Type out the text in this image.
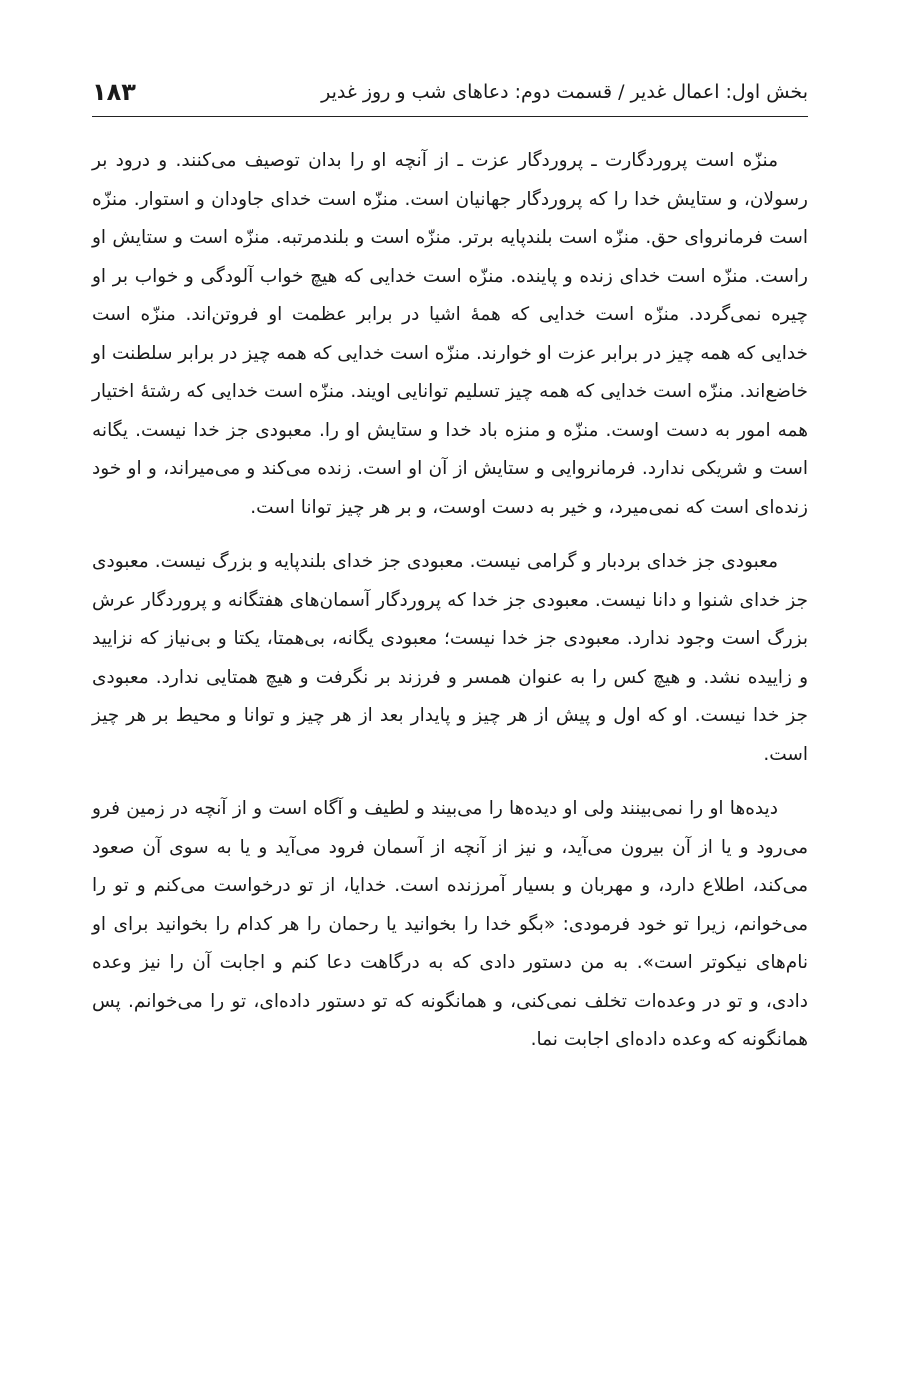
بخش اول: اعمال غدیر / قسمت دوم: دعاهای شب و روز غدیر
۱۸۳

منزّه است پروردگارت ـ پروردگار عزت ـ از آنچه او را بدان توصیف می‌کنند. و درود بر رسولان، و ستایش خدا را که پروردگار جهانیان است. منزّه است خدای جاودان و استوار. منزّه است فرمانروای حق. منزّه است بلندپایه برتر. منزّه است و بلندمرتبه. منزّه است و ستایش او راست. منزّه است خدای زنده و پاینده. منزّه است خدایی که هیچ خواب آلودگی و خواب بر او چیره نمی‌گردد. منزّه است خدایی که همهٔ اشیا در برابر عظمت او فروتن‌اند. منزّه است خدایی که همه چیز در برابر عزت او خوارند. منزّه است خدایی که همه چیز در برابر سلطنت او خاضع‌اند. منزّه است خدایی که همه چیز تسلیم توانایی اویند. منزّه است خدایی که رشتهٔ اختیار همه امور به دست اوست. منزّه و منزه باد خدا و ستایش او را. معبودی جز خدا نیست. یگانه است و شریکی ندارد. فرمانروایی و ستایش از آن او است. زنده می‌کند و می‌میراند، و او خود زنده‌ای است که نمی‌میرد، و خیر به دست اوست، و بر هر چیز توانا است.

معبودی جز خدای بردبار و گرامی نیست. معبودی جز خدای بلندپایه و بزرگ نیست. معبودی جز خدای شنوا و دانا نیست. معبودی جز خدا که پروردگار آسمان‌های هفتگانه و پروردگار عرش بزرگ است وجود ندارد. معبودی جز خدا نیست؛ معبودی یگانه، بی‌همتا، یکتا و بی‌نیاز که نزایید و زاییده نشد. و هیچ کس را به عنوان همسر و فرزند بر نگرفت و هیچ همتایی ندارد. معبودی جز خدا نیست. او که اول و پیش از هر چیز و پایدار بعد از هر چیز و توانا و محیط بر هر چیز است.

دیده‌ها او را نمی‌بینند ولی او دیده‌ها را می‌بیند و لطیف و آگاه است و از آنچه در زمین فرو می‌رود و یا از آن بیرون می‌آید، و نیز از آنچه از آسمان فرود می‌آید و یا به سوی آن صعود می‌کند، اطلاع دارد، و مهربان و بسیار آمرزنده است. خدایا، از تو درخواست می‌کنم و تو را می‌خوانم، زیرا تو خود فرمودی: «بگو خدا را بخوانید یا رحمان را هر کدام را بخوانید برای او نام‌های نیکوتر است». به من دستور دادی که به درگاهت دعا کنم و اجابت آن را نیز وعده دادی، و تو در وعده‌ات تخلف نمی‌کنی، و همانگونه که تو دستور داده‌ای، تو را می‌خوانم. پس همانگونه که وعده داده‌ای اجابت نما.
